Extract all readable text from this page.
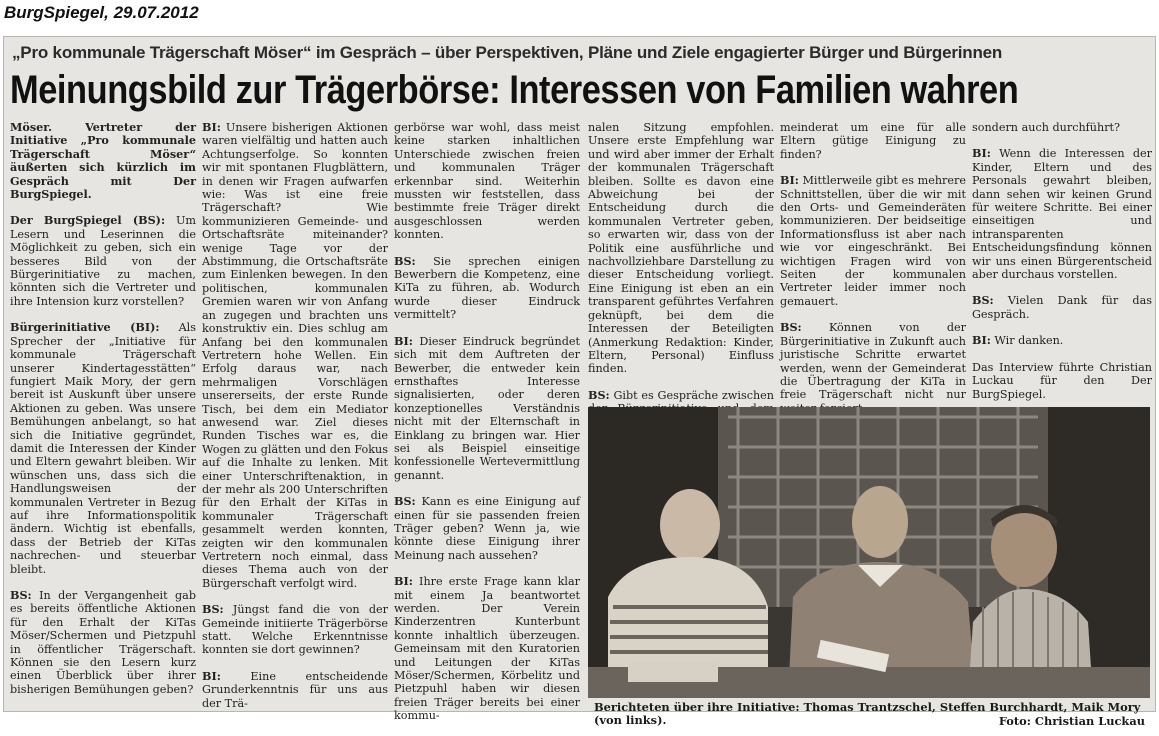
BurgSpiegel, 29.07.2012
„Pro kommunale Trägerschaft Möser“ im Gespräch – über Perspektiven, Pläne und Ziele engagierter Bürger und Bürgerinnen
Meinungsbild zur Trägerbörse: Interessen von Familien wahren

Möser. Vertreter der Initiative „Pro kommunale Trägerschaft Möser“ äußerten sich kürzlich im Gespräch mit Der BurgSpiegel.

Der BurgSpiegel (BS): Um Lesern und Leserinnen die Möglichkeit zu geben, sich ein besseres Bild von der Bürgerinitiative zu machen, könnten sich die Vertreter und ihre Intension kurz vorstellen?

Bürgerinitiative (BI): Als Sprecher der „Initiative für kommunale Trägerschaft unserer Kindertagesstätten“ fungiert Maik Mory, der gern bereit ist Auskunft über unsere Aktionen zu geben. Was unsere Bemühungen anbelangt, so hat sich die Initiative gegründet, damit die Interessen der Kinder und Eltern gewahrt bleiben. Wir wünschen uns, dass sich die Handlungsweisen der kommunalen Vertreter in Bezug auf ihre Informationspolitik ändern. Wichtig ist ebenfalls, dass der Betrieb der KiTas nachrechen- und steuerbar bleibt.

BS: In der Vergangenheit gab es bereits öffentliche Aktionen für den Erhalt der KiTas Möser/Schermen und Pietzpuhl in öffentlicher Trägerschaft. Können sie den Lesern kurz einen Überblick über ihrer bisherigen Bemühungen geben?

BI: Unsere bisherigen Aktionen waren vielfältig und hatten auch Achtungserfolge. So konnten wir mit spontanen Flugblättern, in denen wir Fragen aufwarfen wie: Was ist eine freie Trägerschaft? Wie kommunizieren Gemeinde- und Ortschaftsräte miteinander? wenige Tage vor der Abstimmung, die Ortschaftsräte zum Einlenken bewegen. In den politischen, kommunalen Gremien waren wir von Anfang an zugegen und brachten uns konstruktiv ein. Dies schlug am Anfang bei den kommunalen Vertretern hohe Wellen. Ein Erfolg daraus war, nach mehrmaligen Vorschlägen unsererseits, der erste Runde Tisch, bei dem ein Mediator anwesend war. Ziel dieses Runden Tisches war es, die Wogen zu glätten und den Fokus auf die Inhalte zu lenken. Mit einer Unterschriftenaktion, in der mehr als 200 Unterschriften für den Erhalt der KiTas in kommunaler Trägerschaft gesammelt werden konnten, zeigten wir den kommunalen Vertretern noch einmal, dass dieses Thema auch von der Bürgerschaft verfolgt wird.

BS: Jüngst fand die von der Gemeinde initiierte Trägerbörse statt. Welche Erkenntnisse konnten sie dort gewinnen?

BI: Eine entscheidende Grunderkenntnis für uns aus der Trä-

gerbörse war wohl, dass meist keine starken inhaltlichen Unterschiede zwischen freien und kommunalen Träger erkennbar sind. Weiterhin mussten wir feststellen, dass bestimmte freie Träger direkt ausgeschlossen werden konnten.

BS: Sie sprechen einigen Bewerbern die Kompetenz, eine KiTa zu führen, ab. Wodurch wurde dieser Eindruck vermittelt?

BI: Dieser Eindruck begründet sich mit dem Auftreten der Bewerber, die entweder kein ernsthaftes Interesse signalisierten, oder deren konzeptionelles Verständnis nicht mit der Elternschaft in Einklang zu bringen war. Hier sei als Beispiel einseitige konfessionelle Wertevermittlung genannt.

BS: Kann es eine Einigung auf einen für sie passenden freien Träger geben? Wenn ja, wie könnte diese Einigung ihrer Meinung nach aussehen?

BI: Ihre erste Frage kann klar mit einem Ja beantwortet werden. Der Verein Kinderzentren Kunterbunt konnte inhaltlich überzeugen. Gemeinsam mit den Kuratorien und Leitungen der KiTas Möser/Schermen, Körbelitz und Pietzpuhl haben wir diesen freien Träger bereits bei einer kommu-

nalen Sitzung empfohlen. Unsere erste Empfehlung war und wird aber immer der Erhalt der kommunalen Trägerschaft bleiben. Sollte es davon eine Abweichung bei der Entscheidung durch die kommunalen Vertreter geben, so erwarten wir, dass von der Politik eine ausführliche und nachvollziehbare Darstellung zu dieser Entscheidung vorliegt. Eine Einigung ist eben an ein transparent geführtes Verfahren geknüpft, bei dem die Interessen der Beteiligten (Anmerkung Redaktion: Kinder, Eltern, Personal) Einfluss finden.

BS: Gibt es Gespräche zwischen

meinderat um eine für alle Eltern gütige Einigung zu finden?

BI: Mittlerweile gibt es mehrere Schnittstellen, über die wir mit den Orts- und Gemeinderäten kommunizieren. Der beidseitige Informationsfluss ist aber nach wie vor eingeschränkt. Bei wichtigen Fragen wird von Seiten der kommunalen Vertreter leider immer noch gemauert.

BS: Können von der Bürgerinitiative in Zukunft auch juristische Schritte erwartet werden, wenn der Gemeinderat die Übertragung der KiTa in freie Trägerschaft nicht nur

sondern auch durchführt?

BI: Wenn die Interessen der Kinder, Eltern und des Personals gewahrt bleiben, dann sehen wir keinen Grund für weitere Schritte. Bei einer einseitigen und intransparenten Entscheidungsfindung können wir uns einen Bürgerentscheid aber durchaus vorstellen.

BS: Vielen Dank für das Gespräch.

BI: Wir danken.

Das Interview führte Christian Luckau für den Der BurgSpiegel.

Berichteten über ihre Initiative: Thomas Trantzschel, Steffen Burchhardt, Maik Mory (von links).	Foto: Christian Luckau
